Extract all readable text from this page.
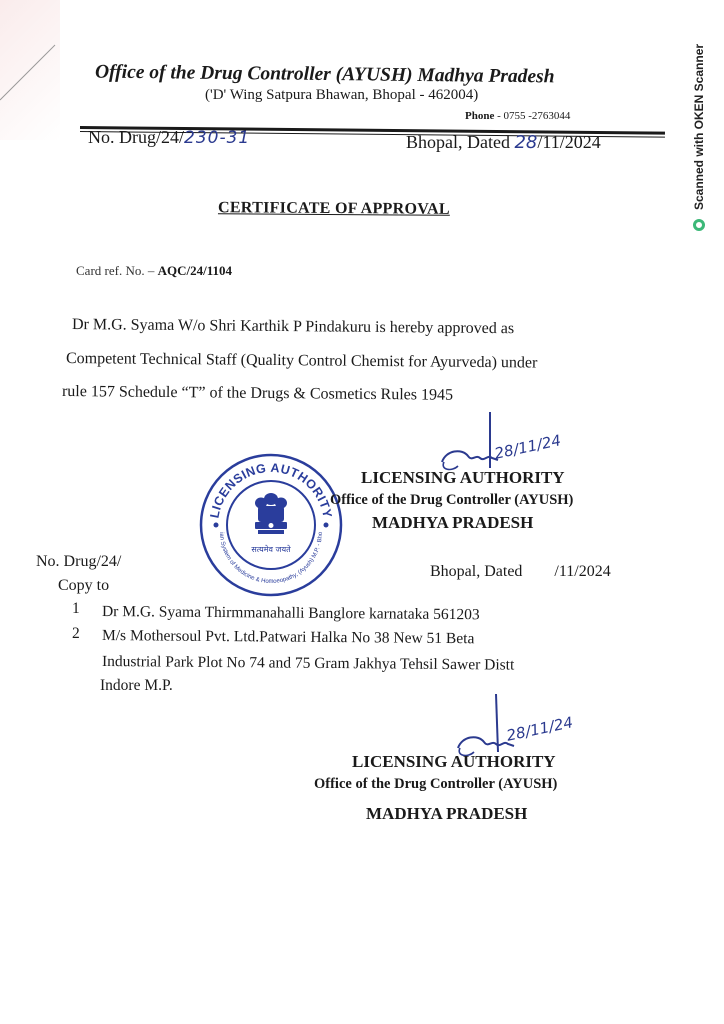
Office of the Drug Controller (AYUSH) Madhya Pradesh
('D' Wing Satpura Bhawan, Bhopal - 462004)
Phone - 0755 -2763044
No. Drug/24/230-31	Bhopal, Dated 28/11/2024
CERTIFICATE OF APPROVAL
Card ref. No. – AQC/24/1104
Dr M.G. Syama W/o Shri Karthik P Pindakuru is hereby approved as
Competent Technical Staff (Quality Control Chemist for Ayurveda) under
rule 157 Schedule “T” of the Drugs & Cosmetics Rules 1945
LICENSING AUTHORITY
ian System of Medicine & Homoeopathy, (Ayush) M.P. - Bho
सत्यमेव जयते
28/11/24
LICENSING AUTHORITY
Office of the Drug Controller (AYUSH)
MADHYA PRADESH
No. Drug/24/
Copy to
Bhopal, Dated /11/2024
1 Dr M.G. Syama Thirmmanahalli Banglore karnataka 561203
2 M/s Mothersoul Pvt. Ltd.Patwari Halka No 38 New 51 Beta
Industrial Park Plot No 74 and 75 Gram Jakhya Tehsil Sawer Distt
Indore M.P.
28/11/24
LICENSING AUTHORITY
Office of the Drug Controller (AYUSH)
MADHYA PRADESH
Scanned with OKEN Scanner
